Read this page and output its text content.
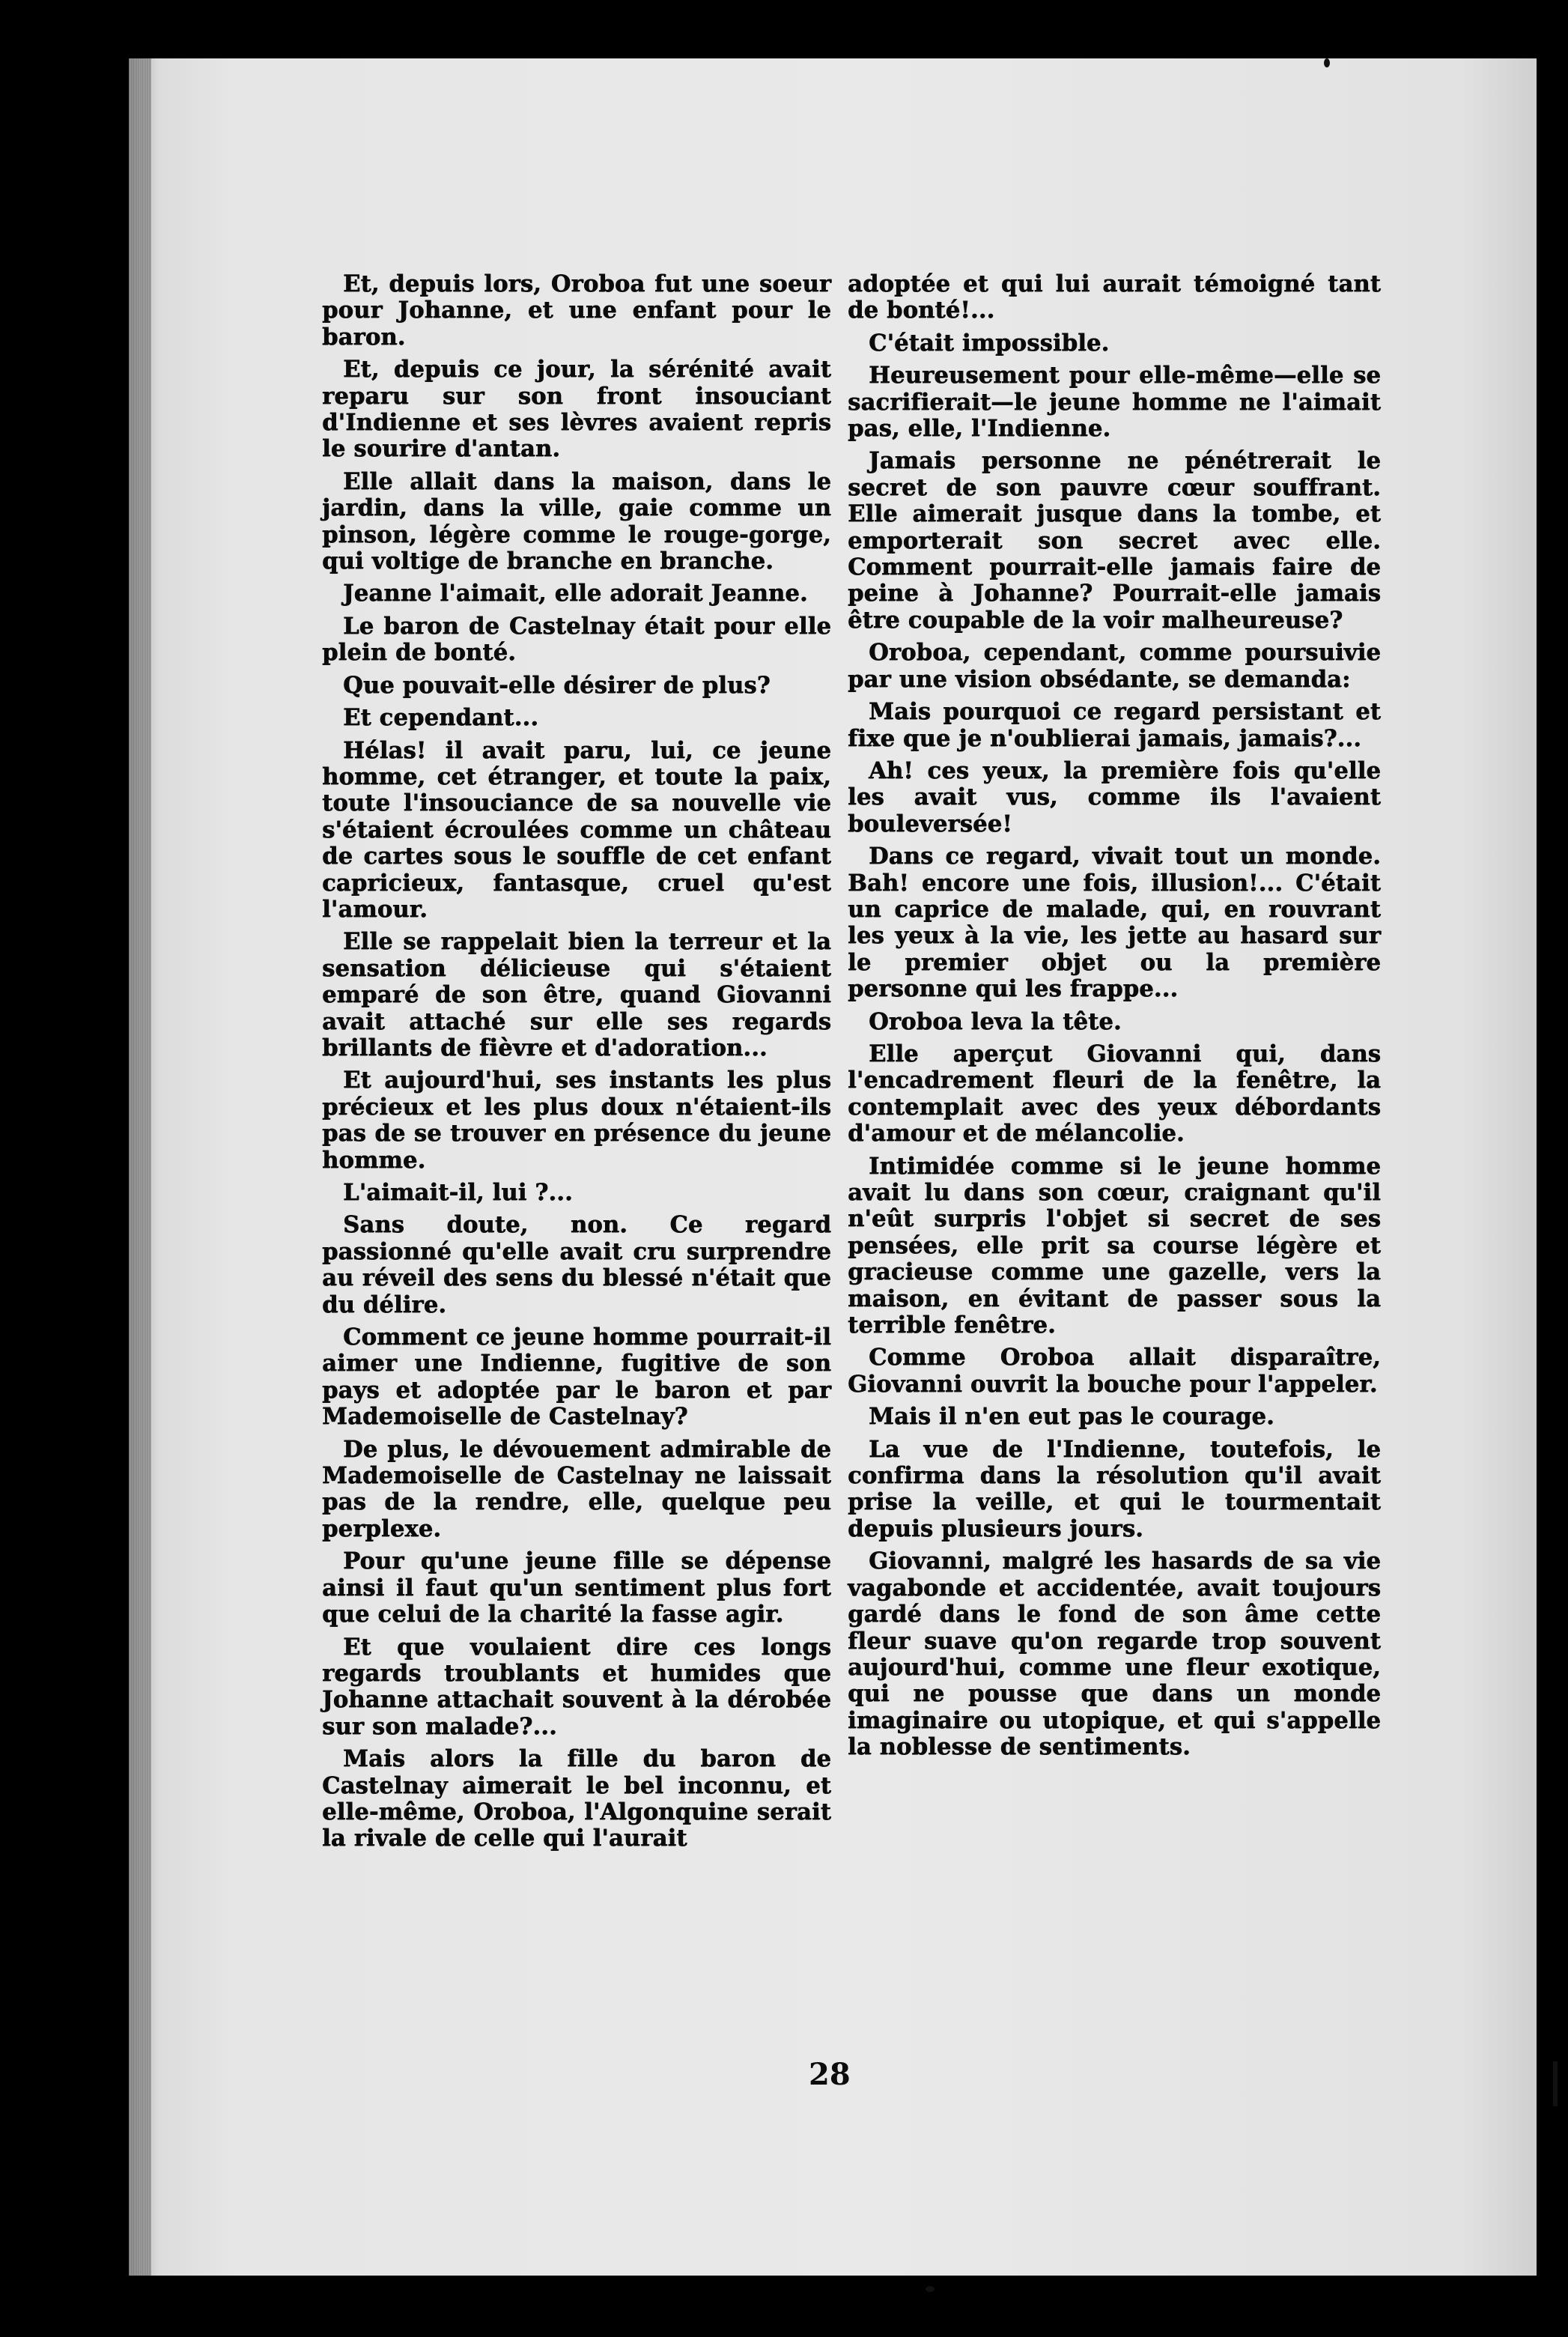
Et, depuis lors, Oroboa fut une soeur pour Johanne, et une enfant pour le baron.

Et, depuis ce jour, la sérénité avait reparu sur son front insouciant d'Indienne et ses lèvres avaient repris le sourire d'antan.

Elle allait dans la maison, dans le jardin, dans la ville, gaie comme un pinson, légère comme le rouge-gorge, qui voltige de branche en branche.

Jeanne l'aimait, elle adorait Jeanne.

Le baron de Castelnay était pour elle plein de bonté.

Que pouvait-elle désirer de plus?

Et cependant...

Hélas! il avait paru, lui, ce jeune homme, cet étranger, et toute la paix, toute l'insouciance de sa nouvelle vie s'étaient écroulées comme un château de cartes sous le souffle de cet enfant capricieux, fantasque, cruel qu'est l'amour.

Elle se rappelait bien la terreur et la sensation délicieuse qui s'étaient emparé de son être, quand Giovanni avait attaché sur elle ses regards brillants de fièvre et d'adoration...

Et aujourd'hui, ses instants les plus précieux et les plus doux n'étaient-ils pas de se trouver en présence du jeune homme.

L'aimait-il, lui ?...

Sans doute, non. Ce regard passionné qu'elle avait cru surprendre au réveil des sens du blessé n'était que du délire.

Comment ce jeune homme pourrait-il aimer une Indienne, fugitive de son pays et adoptée par le baron et par Mademoiselle de Castelnay?

De plus, le dévouement admirable de Mademoiselle de Castelnay ne laissait pas de la rendre, elle, quelque peu perplexe.

Pour qu'une jeune fille se dépense ainsi il faut qu'un sentiment plus fort que celui de la charité la fasse agir.

Et que voulaient dire ces longs regards troublants et humides que Johanne attachait souvent à la dérobée sur son malade?...

Mais alors la fille du baron de Castelnay aimerait le bel inconnu, et elle-même, Oroboa, l'Algonquine serait la rivale de celle qui l'aurait

adoptée et qui lui aurait témoigné tant de bonté!...

C'était impossible.

Heureusement pour elle-même—elle se sacrifierait—le jeune homme ne l'aimait pas, elle, l'Indienne.

Jamais personne ne pénétrerait le secret de son pauvre cœur souffrant. Elle aimerait jusque dans la tombe, et emporterait son secret avec elle. Comment pourrait-elle jamais faire de peine à Johanne? Pourrait-elle jamais être coupable de la voir malheureuse?

Oroboa, cependant, comme poursuivie par une vision obsédante, se demanda:

Mais pourquoi ce regard persistant et fixe que je n'oublierai jamais, jamais?...

Ah! ces yeux, la première fois qu'elle les avait vus, comme ils l'avaient bouleversée!

Dans ce regard, vivait tout un monde. Bah! encore une fois, illusion!... C'était un caprice de malade, qui, en rouvrant les yeux à la vie, les jette au hasard sur le premier objet ou la première personne qui les frappe...

Oroboa leva la tête.

Elle aperçut Giovanni qui, dans l'encadrement fleuri de la fenêtre, la contemplait avec des yeux débordants d'amour et de mélancolie.

Intimidée comme si le jeune homme avait lu dans son cœur, craignant qu'il n'eût surpris l'objet si secret de ses pensées, elle prit sa course légère et gracieuse comme une gazelle, vers la maison, en évitant de passer sous la terrible fenêtre.

Comme Oroboa allait disparaître, Giovanni ouvrit la bouche pour l'appeler.

Mais il n'en eut pas le courage.

La vue de l'Indienne, toutefois, le confirma dans la résolution qu'il avait prise la veille, et qui le tourmentait depuis plusieurs jours.

Giovanni, malgré les hasards de sa vie vagabonde et accidentée, avait toujours gardé dans le fond de son âme cette fleur suave qu'on regarde trop souvent aujourd'hui, comme une fleur exotique, qui ne pousse que dans un monde imaginaire ou utopique, et qui s'appelle la noblesse de sentiments.

28
